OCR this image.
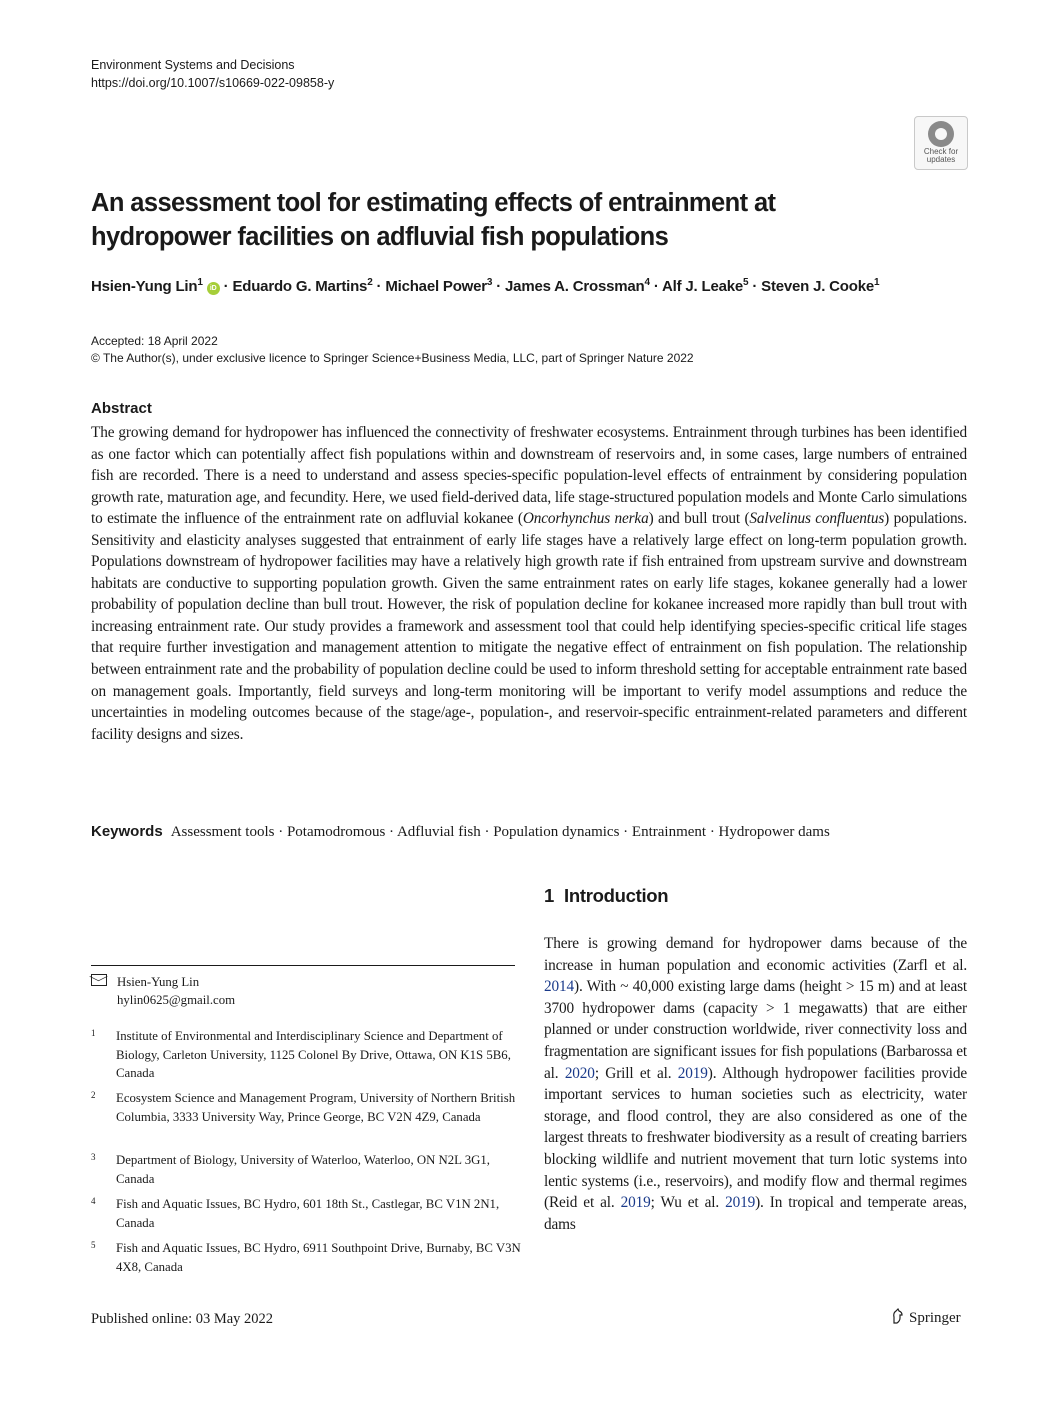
Environment Systems and Decisions
https://doi.org/10.1007/s10669-022-09858-y
Check for
updates
An assessment tool for estimating effects of entrainment at hydropower facilities on adfluvial fish populations
Hsien-Yung Lin$^1$ iD · Eduardo G. Martins$^2$ · Michael Power$^3$ · James A. Crossman$^4$ · Alf J. Leake$^5$ · Steven J. Cooke$^1$
Accepted: 18 April 2022
© The Author(s), under exclusive licence to Springer Science+Business Media, LLC, part of Springer Nature 2022
Abstract
The growing demand for hydropower has influenced the connectivity of freshwater ecosystems. Entrainment through turbines has been identified as one factor which can potentially affect fish populations within and downstream of reservoirs and, in some cases, large numbers of entrained fish are recorded. There is a need to understand and assess species-specific population-level effects of entrainment by considering population growth rate, maturation age, and fecundity. Here, we used field-derived data, life stage-structured population models and Monte Carlo simulations to estimate the influence of the entrainment rate on adfluvial kokanee (Oncorhynchus nerka) and bull trout (Salvelinus confluentus) populations. Sensitivity and elasticity analyses suggested that entrainment of early life stages have a relatively large effect on long-term population growth. Populations downstream of hydropower facilities may have a relatively high growth rate if fish entrained from upstream survive and downstream habitats are conductive to supporting population growth. Given the same entrainment rates on early life stages, kokanee generally had a lower probability of population decline than bull trout. However, the risk of population decline for kokanee increased more rapidly than bull trout with increasing entrainment rate. Our study provides a framework and assessment tool that could help identifying species-specific critical life stages that require further investigation and management attention to mitigate the negative effect of entrainment on fish population. The relationship between entrainment rate and the probability of population decline could be used to inform threshold setting for acceptable entrainment rate based on management goals. Importantly, field surveys and long-term monitoring will be important to verify model assumptions and reduce the uncertainties in modeling outcomes because of the stage/age-, population-, and reservoir-specific entrainment-related parameters and different facility designs and sizes.
Keywords Assessment tools · Potamodromous · Adfluvial fish · Population dynamics · Entrainment · Hydropower dams
1 Introduction
There is growing demand for hydropower dams because of the increase in human population and economic activities (Zarfl et al. 2014). With ~ 40,000 existing large dams (height > 15 m) and at least 3700 hydropower dams (capacity > 1 megawatts) that are either planned or under construction worldwide, river connectivity loss and fragmentation are significant issues for fish populations (Barbarossa et al. 2020; Grill et al. 2019). Although hydropower facilities provide important services to human societies such as electricity, water storage, and flood control, they are also considered as one of the largest threats to freshwater biodiversity as a result of creating barriers blocking wildlife and nutrient movement that turn lotic systems into lentic systems (i.e., reservoirs), and modify flow and thermal regimes (Reid et al. 2019; Wu et al. 2019). In tropical and temperate areas, dams
Hsien-Yung Lin
hylin0625@gmail.com
1	Institute of Environmental and Interdisciplinary Science and Department of Biology, Carleton University, 1125 Colonel By Drive, Ottawa, ON K1S 5B6, Canada
2	Ecosystem Science and Management Program, University of Northern British Columbia, 3333 University Way, Prince George, BC V2N 4Z9, Canada
3	Department of Biology, University of Waterloo, Waterloo, ON N2L 3G1, Canada
4	Fish and Aquatic Issues, BC Hydro, 601 18th St., Castlegar, BC V1N 2N1, Canada
5	Fish and Aquatic Issues, BC Hydro, 6911 Southpoint Drive, Burnaby, BC V3N 4X8, Canada
Published online: 03 May 2022	Springer
